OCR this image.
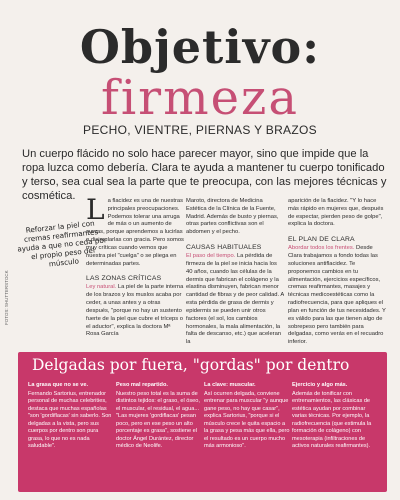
Objetivo:
firmeza
PECHO, VIENTRE, PIERNAS Y BRAZOS
Un cuerpo flácido no solo hace parecer mayor, sino que impide que la ropa luzca como debería. Clara te ayuda a mantener tu cuerpo tonificado y terso, sea cual sea la parte que te preocupa, con las mejores técnicas y cosmética.
FOTOS: SHUTTERSTOCK
Reforzar la piel con cremas reafirmantes ayuda a que no ceda por el propio peso del músculo
L a flacidez es una de nuestras principales preocupaciones. Podemos tolerar una arruga de más o un aumento de curvas, porque aprendemos a lucirlas o disimularlas con gracia. Pero somos muy críticas cuando vemos que nuestra piel "cuelga" o se pliega en determinadas partes.
LAS ZONAS CRÍTICAS
Ley natural. La piel de la parte interna de los brazos y los muslos acaba por ceder, a unas antes y a otras después, "porque no hay un sustento fuerte de la piel que cubre el tríceps o el aductor", explica la doctora Mª Rosa García
Maroto, directora de Medicina Estética de la Clínica de la Fuente, Madrid. Además de busto y piernas, otras partes conflictivas son el abdomen y el pecho.
CAUSAS HABITUALES
El paso del tiempo. La pérdida de firmeza de la piel se inicia hacia los 40 años, cuando las células de la dermis que fabrican el colágeno y la elastina disminuyen, fabrican menor cantidad de fibras y de peor calidad. A esta pérdida de grasa de dermis y epidermis se pueden unir otros factores (el sol, los cambios hormonales, la mala alimentación, la falta de descanso, etc.) que aceleran la
aparición de la flacidez. "Y lo hace más rápido en mujeres que, después de espectar, pierden peso de golpe", explica la doctora.
EL PLAN DE CLARA
Abordar todos los frentes. Desde Clara trabajamos a fondo todas las soluciones antiflacidez. Te proponemos cambios en tu alimentación, ejercicios específicos, cremas reafirmantes, masajes y técnicas medicoestéticas como la radiofrecuencia, para que apliques el plan en función de tus necesidades. Y es válido para las que tienen algo de sobrepeso pero también para delgadas, como verás en el recuadro inferior.
Delgadas por fuera, "gordas" por dentro
La grasa que no se ve.
Fernando Sartorius, entrenador personal de muchas celebrities, destaca que muchas españolas "son 'gordiflacas' sin saberlo. Son delgadas a la vista, pero sus cuerpos por dentro son pura grasa, lo que no es nada saludable".
Peso mal repartido.
Nuestro peso total es la suma de distintos tejidos: el graso, el óseo, el muscular, el residual, el agua... "Las mujeres 'gordiflacas' pesan poco, pero en ese peso un alto porcentaje es grasa", sostiene el doctor Ángel Durántez, director médico de Neolife.
La clave: muscular.
Así ocurren delgada, conviene entrenar para muscular "y aunque gane peso, no hay que casar", explica Sartorius, "porque si el músculo crece le quita espacio a la grasa y pesa más que ella, pero el resultado es un cuerpo mucho más armonioso".
Ejercicio y algo más.
Además de tonificar con entrenamientos, las clásicas de estética ayudan por combinar varias técnicas. Por ejemplo, la radiofrecuencia (que estimula la formación de colágeno) con mesoterapia (infiltraciones de activos naturales reafirmantes).
